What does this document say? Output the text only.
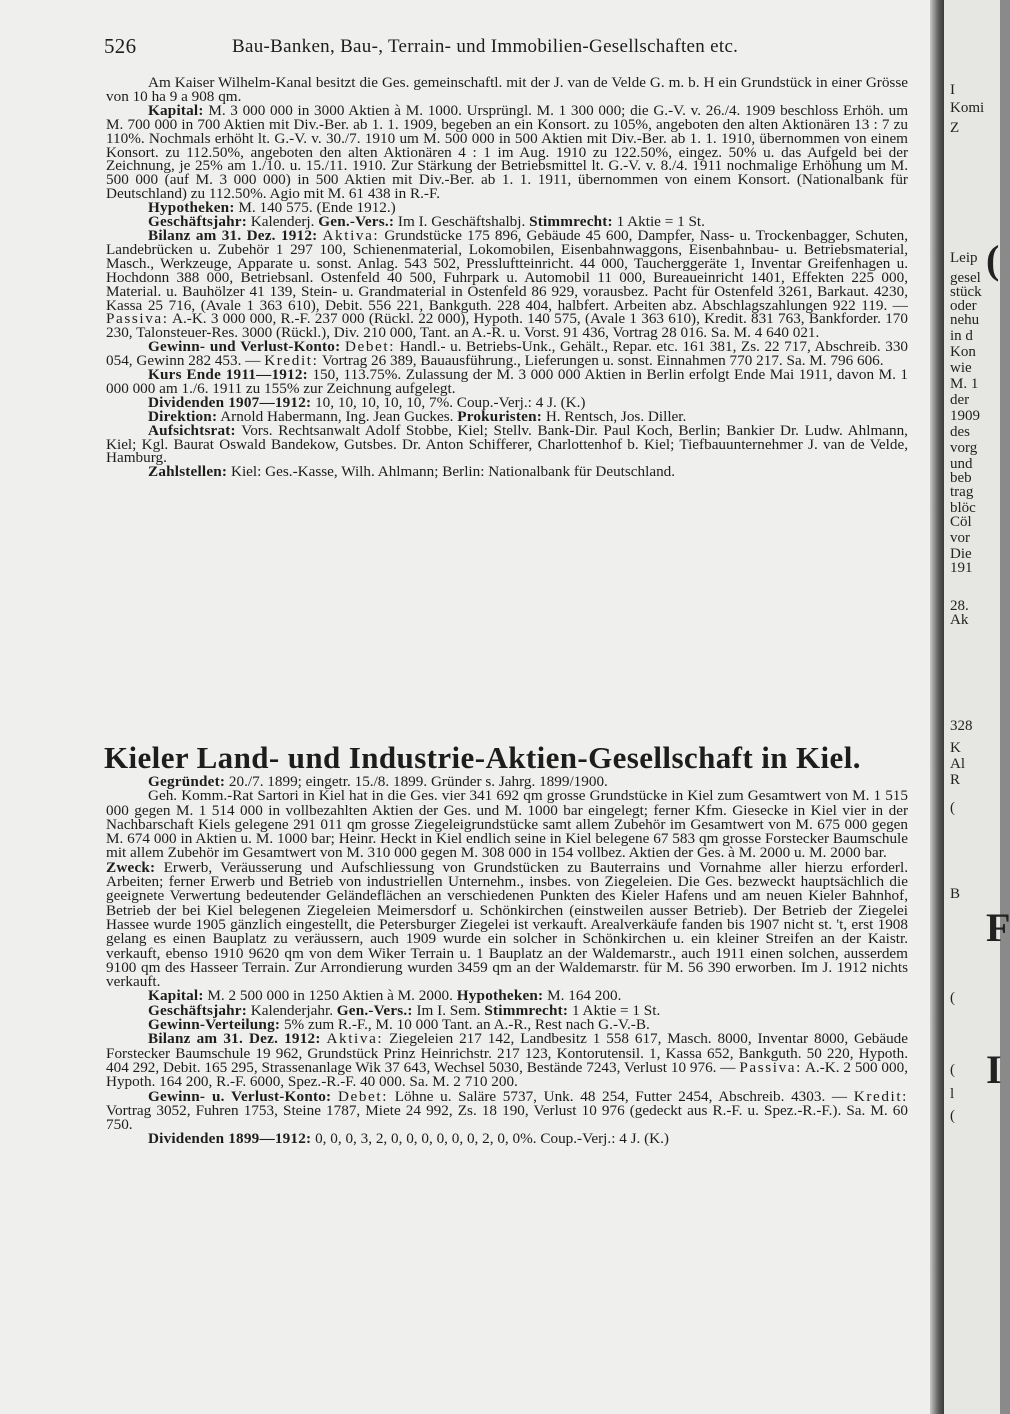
526	Bau-Banken, Bau-, Terrain- und Immobilien-Gesellschaften etc.

Am Kaiser Wilhelm-Kanal besitzt die Ges. gemeinschaftl. mit der J. van de Velde G. m. b. H ein Grundstück in einer Grösse von 10 ha 9 a 908 qm.

Kapital: M. 3 000 000 in 3000 Aktien à M. 1000. Ursprüngl. M. 1 300 000; die G.-V. v. 26./4. 1909 beschloss Erhöh. um M. 700 000 in 700 Aktien mit Div.-Ber. ab 1. 1. 1909, begeben an ein Konsort. zu 105%, angeboten den alten Aktionären 13 : 7 zu 110%. Nochmals erhöht lt. G.-V. v. 30./7. 1910 um M. 500 000 in 500 Aktien mit Div.-Ber. ab 1. 1. 1910, übernommen von einem Konsort. zu 112.50%, angeboten den alten Aktionären 4 : 1 im Aug. 1910 zu 122.50%, eingez. 50% u. das Aufgeld bei der Zeichnung, je 25% am 1./10. u. 15./11. 1910. Zur Stärkung der Betriebsmittel lt. G.-V. v. 8./4. 1911 nochmalige Erhöhung um M. 500 000 (auf M. 3 000 000) in 500 Aktien mit Div.-Ber. ab 1. 1. 1911, übernommen von einem Konsort. (Nationalbank für Deutschland) zu 112.50%. Agio mit M. 61 438 in R.-F.

Hypotheken: M. 140 575. (Ende 1912.)

Geschäftsjahr: Kalenderj. Gen.-Vers.: Im I. Geschäftshalbj. Stimmrecht: 1 Aktie = 1 St.

Bilanz am 31. Dez. 1912: Aktiva: Grundstücke 175 896, Gebäude 45 600, Dampfer, Nass- u. Trockenbagger, Schuten, Landebrücken u. Zubehör 1 297 100, Schienenmaterial, Lokomobilen, Eisenbahnwaggons, Eisenbahnbau- u. Betriebsmaterial, Masch., Werkzeuge, Apparate u. sonst. Anlag. 543 502, Pressluftteinricht. 44 000, Taucherggeräte 1, Inventar Greifenhagen u. Hochdonn 388 000, Betriebsanl. Ostenfeld 40 500, Fuhrpark u. Automobil 11 000, Bureaueinricht 1401, Effekten 225 000, Material. u. Bauhölzer 41 139, Stein- u. Grandmaterial in Ostenfeld 86 929, vorausbez. Pacht für Ostenfeld 3261, Barkaut. 4230, Kassa 25 716, (Avale 1 363 610), Debit. 556 221, Bankguth. 228 404, halbfert. Arbeiten abz. Abschlagszahlungen 922 119. — Passiva: A.-K. 3 000 000, R.-F. 237 000 (Rückl. 22 000), Hypoth. 140 575, (Avale 1 363 610), Kredit. 831 763, Bankforder. 170 230, Talonsteuer-Res. 3000 (Rückl.), Div. 210 000, Tant. an A.-R. u. Vorst. 91 436, Vortrag 28 016. Sa. M. 4 640 021.

Gewinn- und Verlust-Konto: Debet: Handl.- u. Betriebs-Unk., Gehält., Repar. etc. 161 381, Zs. 22 717, Abschreib. 330 054, Gewinn 282 453. — Kredit: Vortrag 26 389, Bauausführung., Lieferungen u. sonst. Einnahmen 770 217. Sa. M. 796 606.

Kurs Ende 1911—1912: 150, 113.75%. Zulassung der M. 3 000 000 Aktien in Berlin erfolgt Ende Mai 1911, davon M. 1 000 000 am 1./6. 1911 zu 155% zur Zeichnung aufgelegt.

Dividenden 1907—1912: 10, 10, 10, 10, 10, 7%. Coup.-Verj.: 4 J. (K.)

Direktion: Arnold Habermann, Ing. Jean Guckes. Prokuristen: H. Rentsch, Jos. Diller.

Aufsichtsrat: Vors. Rechtsanwalt Adolf Stobbe, Kiel; Stellv. Bank-Dir. Paul Koch, Berlin; Bankier Dr. Ludw. Ahlmann, Kiel; Kgl. Baurat Oswald Bandekow, Gutsbes. Dr. Anton Schifferer, Charlottenhof b. Kiel; Tiefbauunternehmer J. van de Velde, Hamburg.

Zahlstellen: Kiel: Ges.-Kasse, Wilh. Ahlmann; Berlin: Nationalbank für Deutschland.

Kieler Land- und Industrie-Aktien-Gesellschaft in Kiel.

Gegründet: 20./7. 1899; eingetr. 15./8. 1899. Gründer s. Jahrg. 1899/1900.

Geh. Komm.-Rat Sartori in Kiel hat in die Ges. vier 341 692 qm grosse Grundstücke in Kiel zum Gesamtwert von M. 1 515 000 gegen M. 1 514 000 in vollbezahlten Aktien der Ges. und M. 1000 bar eingelegt; ferner Kfm. Giesecke in Kiel vier in der Nachbarschaft Kiels gelegene 291 011 qm grosse Ziegeleigrundstücke samt allem Zubehör im Gesamtwert von M. 675 000 gegen M. 674 000 in Aktien u. M. 1000 bar; Heinr. Heckt in Kiel endlich seine in Kiel belegene 67 583 qm grosse Forstecker Baumschule mit allem Zubehör im Gesamtwert von M. 310 000 gegen M. 308 000 in 154 vollbez. Aktien der Ges. à M. 2000 u. M. 2000 bar.

Zweck: Erwerb, Veräusserung und Aufschliessung von Grundstücken zu Bauterrains und Vornahme aller hierzu erforderl. Arbeiten; ferner Erwerb und Betrieb von industriellen Unternehm., insbes. von Ziegeleien. Die Ges. bezweckt hauptsächlich die geeignete Verwertung bedeutender Geländeflächen an verschiedenen Punkten des Kieler Hafens und am neuen Kieler Bahnhof, Betrieb der bei Kiel belegenen Ziegeleien Meimersdorf u. Schönkirchen (einstweilen ausser Betrieb). Der Betrieb der Ziegelei Hassee wurde 1905 gänzlich eingestellt, die Petersburger Ziegelei ist verkauft. Arealverkäufe fanden bis 1907 nicht st. 't, erst 1908 gelang es einen Bauplatz zu veräussern, auch 1909 wurde ein solcher in Schönkirchen u. ein kleiner Streifen an der Kaistr. verkauft, ebenso 1910 9620 qm von dem Wiker Terrain u. 1 Bauplatz an der Waldemarstr., auch 1911 einen solchen, ausserdem 9100 qm des Hasseer Terrain. Zur Arrondierung wurden 3459 qm an der Waldemarstr. für M. 56 390 erworben. Im J. 1912 nichts verkauft.

Kapital: M. 2 500 000 in 1250 Aktien à M. 2000. Hypotheken: M. 164 200.

Geschäftsjahr: Kalenderjahr. Gen.-Vers.: Im I. Sem. Stimmrecht: 1 Aktie = 1 St.

Gewinn-Verteilung: 5% zum R.-F., M. 10 000 Tant. an A.-R., Rest nach G.-V.-B.

Bilanz am 31. Dez. 1912: Aktiva: Ziegeleien 217 142, Landbesitz 1 558 617, Masch. 8000, Inventar 8000, Gebäude Forstecker Baumschule 19 962, Grundstück Prinz Heinrichstr. 217 123, Kontorutensil. 1, Kassa 652, Bankguth. 50 220, Hypoth. 404 292, Debit. 165 295, Strassenanlage Wik 37 643, Wechsel 5030, Bestände 7243, Verlust 10 976. — Passiva: A.-K. 2 500 000, Hypoth. 164 200, R.-F. 6000, Spez.-R.-F. 40 000. Sa. M. 2 710 200.

Gewinn- u. Verlust-Konto: Debet: Löhne u. Saläre 5737, Unk. 48 254, Futter 2454, Abschreib. 4303. — Kredit: Vortrag 3052, Fuhren 1753, Steine 1787, Miete 24 992, Zs. 18 190, Verlust 10 976 (gedeckt aus R.-F. u. Spez.-R.-F.). Sa. M. 60 750.

Dividenden 1899—1912: 0, 0, 0, 3, 2, 0, 0, 0, 0, 0, 0, 2, 0, 0%. Coup.-Verj.: 4 J. (K.)

I
Komi
Z
(
Leip
gesel
stück
oder
nehu
in d
Kon
wie
M. 1
der
1909
des
vorg
und
beb
trag
blöc
Cöl
vor
Die
191
28.
Ak
328
K
Al
R
(
B
F
(
I
(
l
(
